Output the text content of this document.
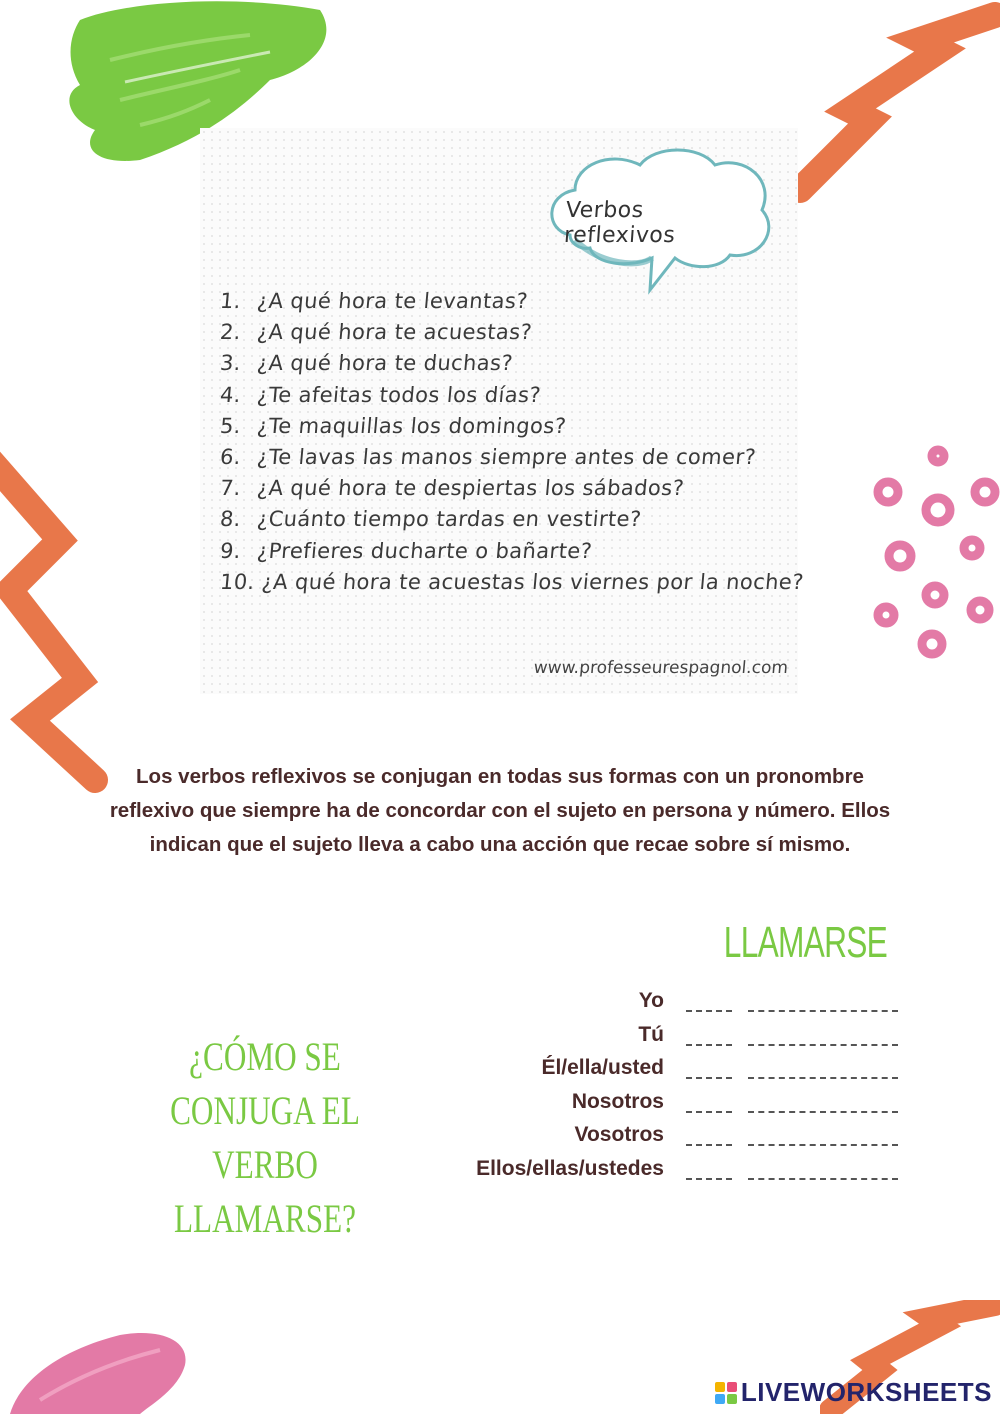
Verbos reflexivos
1. ¿A qué hora te levantas?
2. ¿A qué hora te acuestas?
3. ¿A qué hora te duchas?
4. ¿Te afeitas todos los días?
5. ¿Te maquillas los domingos?
6. ¿Te lavas las manos siempre antes de comer?
7. ¿A qué hora te despiertas los sábados?
8. ¿Cuánto tiempo tardas en vestirte?
9. ¿Prefieres ducharte o bañarte?
10. ¿A qué hora te acuestas los viernes por la noche?
www.professeurespagnol.com

Los verbos reflexivos se conjugan en todas sus formas con un pronombre reflexivo que siempre ha de concordar con el sujeto en persona y número. Ellos indican que el sujeto lleva a cabo una acción que recae sobre sí mismo.

LLAMARSE

¿CÓMO SE CONJUGA EL VERBO LLAMARSE?

Yo
Tú
Él/ella/usted
Nosotros
Vosotros
Ellos/ellas/ustedes
LIVEWORKSHEETS
